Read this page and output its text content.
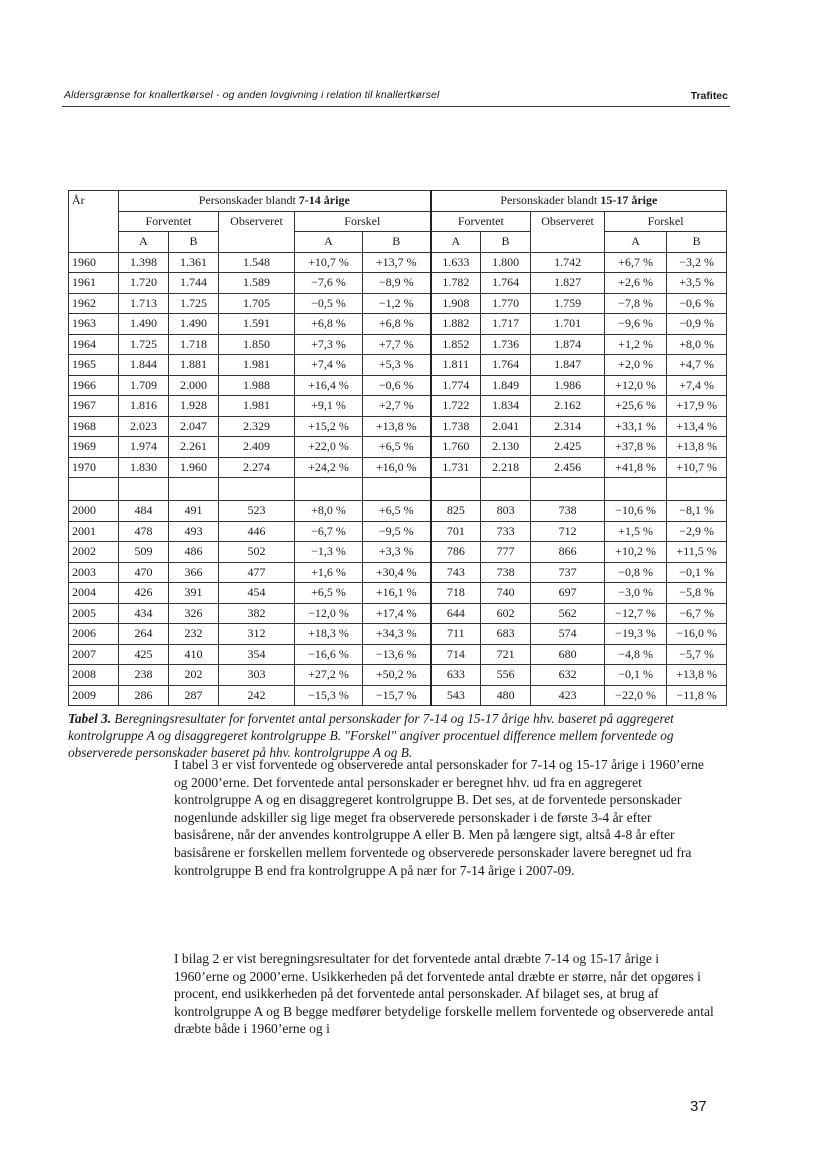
Aldersgrænse for knallertkørsel - og anden lovgivning i relation til knallertkørsel	Trafitec
År	Personskader blandt 7-14 årige					Personskader blandt 15-17 årige				
	Forventet		Observeret	Forskel		Forventet		Observeret	Forskel	
	A	B		A	B	A	B		A	B
1960	1.398	1.361	1.548	+10,7 %	+13,7 %	1.633	1.800	1.742	+6,7 %	−3,2 %
1961	1.720	1.744	1.589	−7,6 %	−8,9 %	1.782	1.764	1.827	+2,6 %	+3,5 %
1962	1.713	1.725	1.705	−0,5 %	−1,2 %	1.908	1.770	1.759	−7,8 %	−0,6 %
1963	1.490	1.490	1.591	+6,8 %	+6,8 %	1.882	1.717	1.701	−9,6 %	−0,9 %
1964	1.725	1.718	1.850	+7,3 %	+7,7 %	1.852	1.736	1.874	+1,2 %	+8,0 %
1965	1.844	1.881	1.981	+7,4 %	+5,3 %	1.811	1.764	1.847	+2,0 %	+4,7 %
1966	1.709	2.000	1.988	+16,4 %	−0,6 %	1.774	1.849	1.986	+12,0 %	+7,4 %
1967	1.816	1.928	1.981	+9,1 %	+2,7 %	1.722	1.834	2.162	+25,6 %	+17,9 %
1968	2.023	2.047	2.329	+15,2 %	+13,8 %	1.738	2.041	2.314	+33,1 %	+13,4 %
1969	1.974	2.261	2.409	+22,0 %	+6,5 %	1.760	2.130	2.425	+37,8 %	+13,8 %
1970	1.830	1.960	2.274	+24,2 %	+16,0 %	1.731	2.218	2.456	+41,8 %	+10,7 %

2000	484	491	523	+8,0 %	+6,5 %	825	803	738	−10,6 %	−8,1 %
2001	478	493	446	−6,7 %	−9,5 %	701	733	712	+1,5 %	−2,9 %
2002	509	486	502	−1,3 %	+3,3 %	786	777	866	+10,2 %	+11,5 %
2003	470	366	477	+1,6 %	+30,4 %	743	738	737	−0,8 %	−0,1 %
2004	426	391	454	+6,5 %	+16,1 %	718	740	697	−3,0 %	−5,8 %
2005	434	326	382	−12,0 %	+17,4 %	644	602	562	−12,7 %	−6,7 %
2006	264	232	312	+18,3 %	+34,3 %	711	683	574	−19,3 %	−16,0 %
2007	425	410	354	−16,6 %	−13,6 %	714	721	680	−4,8 %	−5,7 %
2008	238	202	303	+27,2 %	+50,2 %	633	556	632	−0,1 %	+13,8 %
2009	286	287	242	−15,3 %	−15,7 %	543	480	423	−22,0 %	−11,8 %
Tabel 3. Beregningsresultater for forventet antal personskader for 7-14 og 15-17 årige hhv. baseret på aggregeret kontrolgruppe A og disaggregeret kontrolgruppe B. "Forskel" angiver procentuel difference mellem forventede og observerede personskader baseret på hhv. kontrolgruppe A og B.

I tabel 3 er vist forventede og observerede antal personskader for 7-14 og 15-17 årige i 1960’erne og 2000’erne. Det forventede antal personskader er beregnet hhv. ud fra en aggregeret kontrolgruppe A og en disaggregeret kontrolgruppe B. Det ses, at de forventede personskader nogenlunde adskiller sig lige meget fra observerede personskader i de første 3-4 år efter basisårene, når der anvendes kontrolgruppe A eller B. Men på længere sigt, altså 4-8 år efter basisårene er forskellen mellem forventede og observerede personskader lavere beregnet ud fra kontrolgruppe B end fra kontrolgruppe A på nær for 7-14 årige i 2007-09.

I bilag 2 er vist beregningsresultater for det forventede antal dræbte 7-14 og 15-17 årige i 1960’erne og 2000’erne. Usikkerheden på det forventede antal dræbte er større, når det opgøres i procent, end usikkerheden på det forventede antal personskader. Af bilaget ses, at brug af kontrolgruppe A og B begge medfører betydelige forskelle mellem forventede og observerede antal dræbte både i 1960’erne og i

37
